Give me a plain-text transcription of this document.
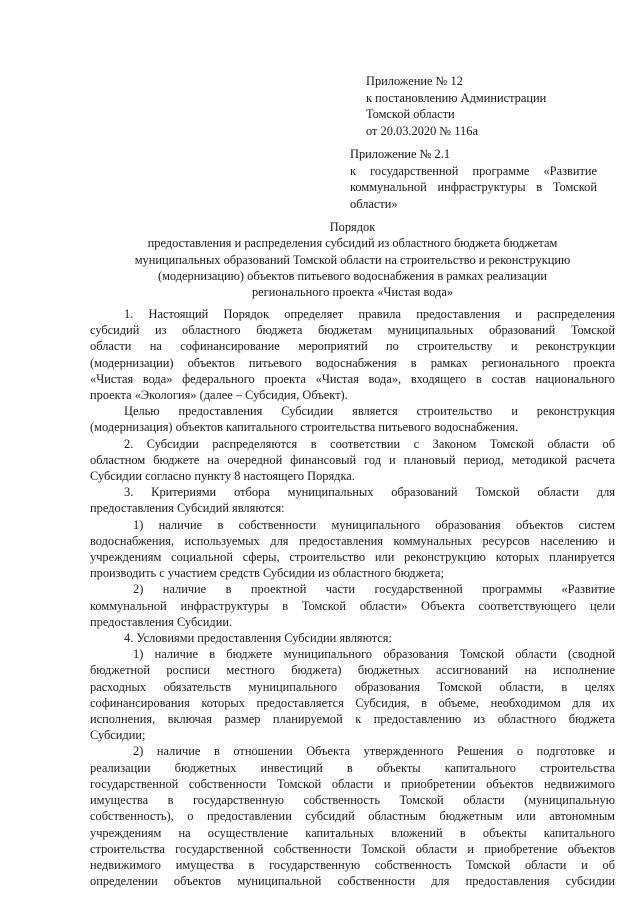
Приложение № 12
к постановлению Администрации
Томской области
от 20.03.2020 № 116а
Приложение № 2.1
к государственной программе «Развитие
коммунальной инфраструктуры в Томской
области»
Порядок
предоставления и распределения субсидий из областного бюджета бюджетам
муниципальных образований Томской области на строительство и реконструкцию
(модернизацию) объектов питьевого водоснабжения в рамках реализации
регионального проекта «Чистая вода»
1. Настоящий Порядок определяет правила предоставления и распределения
субсидий из областного бюджета бюджетам муниципальных образований Томской
области на софинансирование мероприятий по строительству и реконструкции
(модернизации) объектов питьевого водоснабжения в рамках регионального проекта
«Чистая вода» федерального проекта «Чистая вода», входящего в состав национального
проекта «Экология» (далее – Субсидия, Объект).
Целью предоставления Субсидии является строительство и реконструкция
(модернизация) объектов капитального строительства питьевого водоснабжения.
2. Субсидии распределяются в соответствии с Законом Томской области об
областном бюджете на очередной финансовый год и плановый период, методикой расчета
Субсидии согласно пункту 8 настоящего Порядка.
3. Критериями отбора муниципальных образований Томской области для
предоставления Субсидий являются:
1) наличие в собственности муниципального образования объектов систем
водоснабжения, используемых для предоставления коммунальных ресурсов населению и
учреждениям социальной сферы, строительство или реконструкцию которых планируется
производить с участием средств Субсидии из областного бюджета;
2) наличие в проектной части государственной программы «Развитие
коммунальной инфраструктуры в Томской области» Объекта соответствующего цели
предоставления Субсидии.
4. Условиями предоставления Субсидии являются:
1) наличие в бюджете муниципального образования Томской области (сводной
бюджетной росписи местного бюджета) бюджетных ассигнований на исполнение
расходных обязательств муниципального образования Томской области, в целях
софинансирования которых предоставляется Субсидия, в объеме, необходимом для их
исполнения, включая размер планируемой к предоставлению из областного бюджета
Субсидии;
2) наличие в отношении Объекта утвержденного Решения о подготовке и
реализации бюджетных инвестиций в объекты капитального строительства
государственной собственности Томской области и приобретении объектов недвижимого
имущества в государственную собственность Томской области (муниципальную
собственность), о предоставлении субсидий областным бюджетным или автономным
учреждениям на осуществление капитальных вложений в объекты капитального
строительства государственной собственности Томской области и приобретение объектов
недвижимого имущества в государственную собственность Томской области и об
определении объектов муниципальной собственности для предоставления субсидии
